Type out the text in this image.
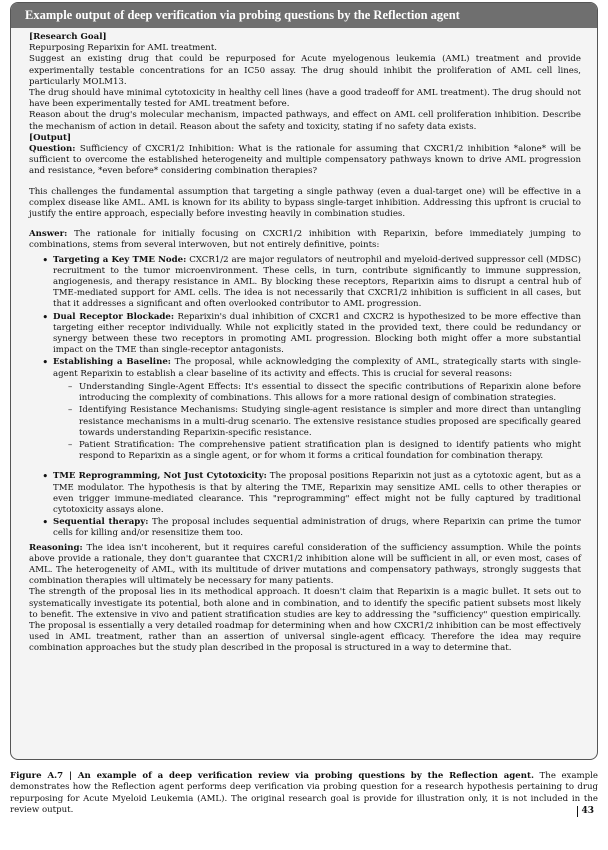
Example output of deep verification via probing questions by the Reflection agent

[Research Goal]

Repurposing Reparixin for AML treatment.

Suggest an existing drug that could be repurposed for Acute myelogenous leukemia (AML) treatment and provide experimentally testable concentrations for an IC50 assay. The drug should inhibit the proliferation of AML cell lines, particularly MOLM13.

The drug should have minimal cytotoxicity in healthy cell lines (have a good tradeoff for AML treatment). The drug should not have been experimentally tested for AML treatment before.

Reason about the drug's molecular mechanism, impacted pathways, and effect on AML cell proliferation inhibition. Describe the mechanism of action in detail. Reason about the safety and toxicity, stating if no safety data exists.

[Output]

Question: Sufficiency of CXCR1/2 Inhibition: What is the rationale for assuming that CXCR1/2 inhibition *alone* will be sufficient to overcome the established heterogeneity and multiple compensatory pathways known to drive AML progression and resistance, *even before* considering combination therapies?

This challenges the fundamental assumption that targeting a single pathway (even a dual-target one) will be effective in a complex disease like AML. AML is known for its ability to bypass single-target inhibition. Addressing this upfront is crucial to justify the entire approach, especially before investing heavily in combination studies.

Answer: The rationale for initially focusing on CXCR1/2 inhibition with Reparixin, before immediately jumping to combinations, stems from several interwoven, but not entirely definitive, points:

• Targeting a Key TME Node: CXCR1/2 are major regulators of neutrophil and myeloid-derived suppressor cell (MDSC) recruitment to the tumor microenvironment. These cells, in turn, contribute significantly to immune suppression, angiogenesis, and therapy resistance in AML. By blocking these receptors, Reparixin aims to disrupt a central hub of TME-mediated support for AML cells. The idea is not necessarily that CXCR1/2 inhibition is sufficient in all cases, but that it addresses a significant and often overlooked contributor to AML progression.
• Dual Receptor Blockade: Reparixin's dual inhibition of CXCR1 and CXCR2 is hypothesized to be more effective than targeting either receptor individually. While not explicitly stated in the provided text, there could be redundancy or synergy between these two receptors in promoting AML progression. Blocking both might offer a more substantial impact on the TME than single-receptor antagonists.
• Establishing a Baseline: The proposal, while acknowledging the complexity of AML, strategically starts with single-agent Reparixin to establish a clear baseline of its activity and effects. This is crucial for several reasons:
– Understanding Single-Agent Effects: It's essential to dissect the specific contributions of Reparixin alone before introducing the complexity of combinations. This allows for a more rational design of combination strategies.
– Identifying Resistance Mechanisms: Studying single-agent resistance is simpler and more direct than untangling resistance mechanisms in a multi-drug scenario. The extensive resistance studies proposed are specifically geared towards understanding Reparixin-specific resistance.
– Patient Stratification: The comprehensive patient stratification plan is designed to identify patients who might respond to Reparixin as a single agent, or for whom it forms a critical foundation for combination therapy.
• TME Reprogramming, Not Just Cytotoxicity: The proposal positions Reparixin not just as a cytotoxic agent, but as a TME modulator. The hypothesis is that by altering the TME, Reparixin may sensitize AML cells to other therapies or even trigger immune-mediated clearance. This "reprogramming" effect might not be fully captured by traditional cytotoxicity assays alone.
• Sequential therapy: The proposal includes sequential administration of drugs, where Reparixin can prime the tumor cells for killing and/or resensitize them too.

Reasoning: The idea isn't incoherent, but it requires careful consideration of the sufficiency assumption. While the points above provide a rationale, they don't guarantee that CXCR1/2 inhibition alone will be sufficient in all, or even most, cases of AML. The heterogeneity of AML, with its multitude of driver mutations and compensatory pathways, strongly suggests that combination therapies will ultimately be necessary for many patients.

The strength of the proposal lies in its methodical approach. It doesn't claim that Reparixin is a magic bullet. It sets out to systematically investigate its potential, both alone and in combination, and to identify the specific patient subsets most likely to benefit. The extensive in vivo and patient stratification studies are key to addressing the "sufficiency" question empirically. The proposal is essentially a very detailed roadmap for determining when and how CXCR1/2 inhibition can be most effectively used in AML treatment, rather than an assertion of universal single-agent efficacy. Therefore the idea may require combination approaches but the study plan described in the proposal is structured in a way to determine that.

Figure A.7 | An example of a deep verification review via probing questions by the Reflection agent. The example demonstrates how the Reflection agent performs deep verification via probing question for a research hypothesis pertaining to drug repurposing for Acute Myeloid Leukemia (AML). The original research goal is provide for illustration only, it is not included in the review output.	43
